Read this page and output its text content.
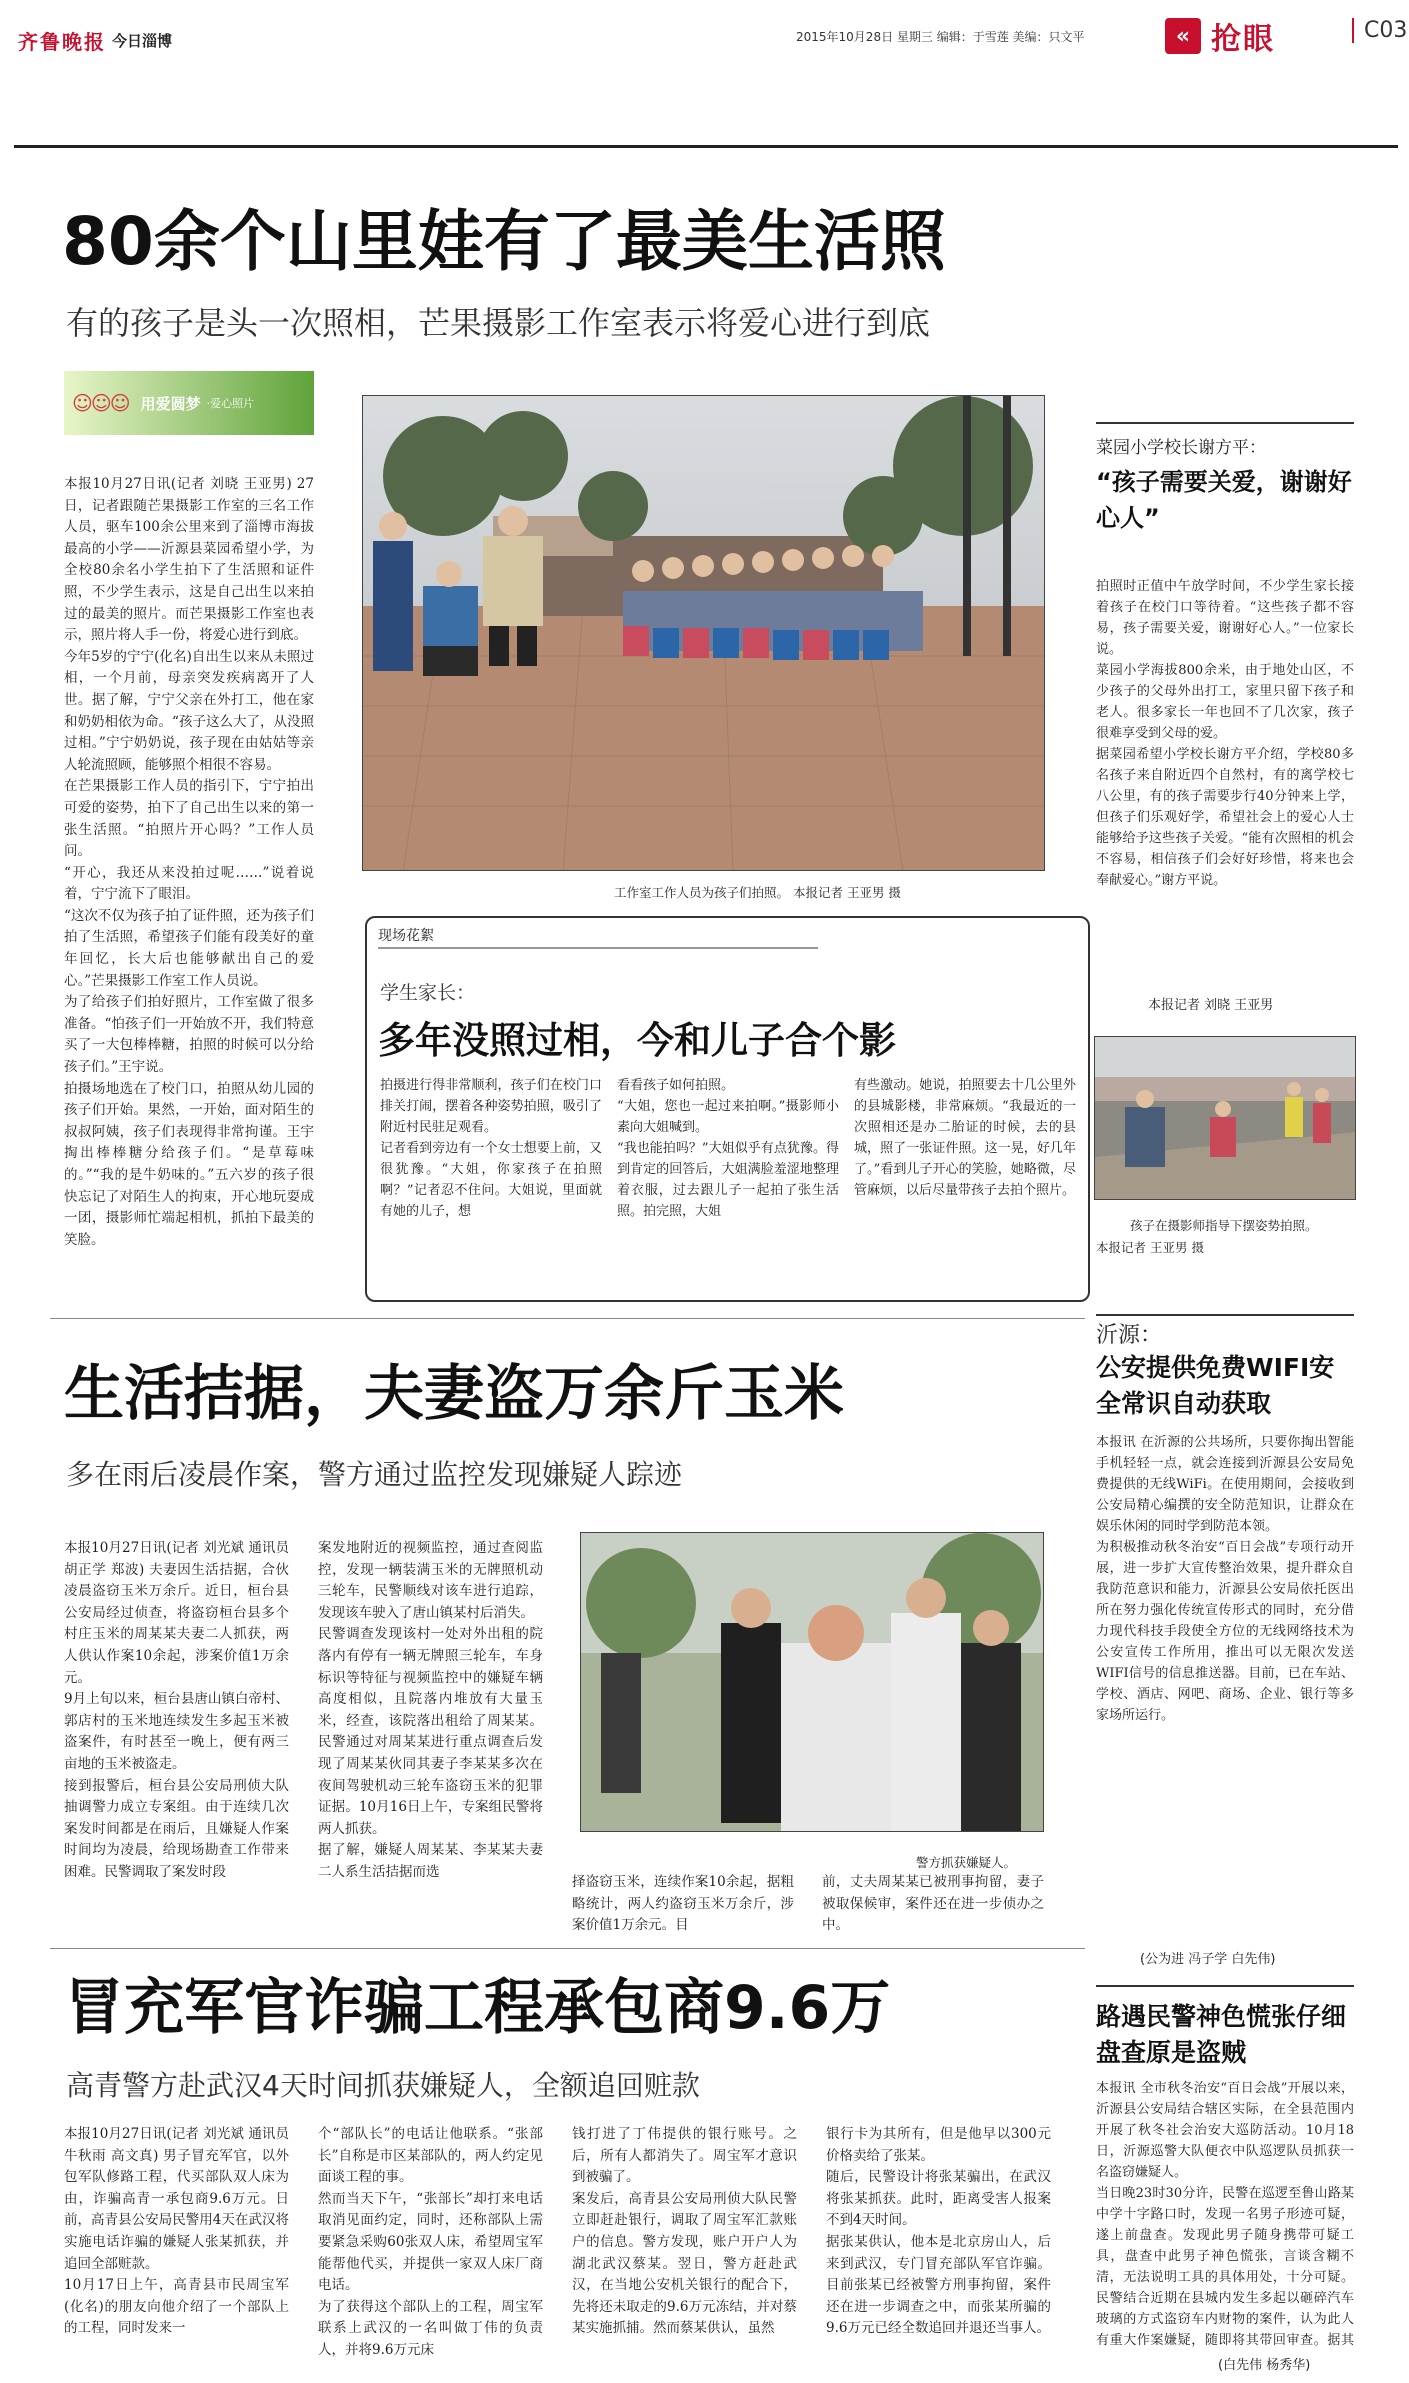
齐鲁晚报 今日淄博	2015年10月28日 星期三 编辑：于雪莲 美编：只文平	« 抢眼	C03
80余个山里娃有了最美生活照
有的孩子是头一次照相，芒果摄影工作室表示将爱心进行到底
☺☺☺ 用爱圆梦 ·爱心照片
本报10月27日讯(记者 刘晓 王亚男) 27日，记者跟随芒果摄影工作室的三名工作人员，驱车100余公里来到了淄博市海拔最高的小学——沂源县菜园希望小学，为全校80余名小学生拍下了生活照和证件照，不少学生表示，这是自己出生以来拍过的最美的照片。而芒果摄影工作室也表示，照片将人手一份，将爱心进行到底。
今年5岁的宁宁(化名)自出生以来从未照过相，一个月前，母亲突发疾病离开了人世。据了解，宁宁父亲在外打工，他在家和奶奶相依为命。“孩子这么大了，从没照过相。”宁宁奶奶说，孩子现在由姑姑等亲人轮流照顾，能够照个相很不容易。
在芒果摄影工作人员的指引下，宁宁拍出可爱的姿势，拍下了自己出生以来的第一张生活照。“拍照片开心吗？”工作人员问。
“开心，我还从来没拍过呢……”说着说着，宁宁流下了眼泪。
“这次不仅为孩子拍了证件照，还为孩子们拍了生活照，希望孩子们能有段美好的童年回忆，长大后也能够献出自己的爱心。”芒果摄影工作室工作人员说。
为了给孩子们拍好照片，工作室做了很多准备。“怕孩子们一开始放不开，我们特意买了一大包棒棒糖，拍照的时候可以分给孩子们。”王宇说。
拍摄场地选在了校门口，拍照从幼儿园的孩子们开始。果然，一开始，面对陌生的叔叔阿姨，孩子们表现得非常拘谨。王宇掏出棒棒糖分给孩子们。“是草莓味的。”“我的是牛奶味的。”五六岁的孩子很快忘记了对陌生人的拘束，开心地玩耍成一团，摄影师忙端起相机，抓拍下最美的笑脸。
工作室工作人员为孩子们拍照。 本报记者 王亚男 摄
现场花絮
学生家长：
多年没照过相，今和儿子合个影
拍摄进行得非常顺利，孩子们在校门口排关打闹，摆着各种姿势拍照，吸引了附近村民驻足观看。
记者看到旁边有一个女士想要上前，又很犹豫。“大姐，你家孩子在拍照啊？”记者忍不住问。大姐说，里面就有她的儿子，想
看看孩子如何拍照。
“大姐，您也一起过来拍啊。”摄影师小素向大姐喊到。
“我也能拍吗？”大姐似乎有点犹豫。得到肯定的回答后，大姐满脸羞涩地整理着衣服，过去跟儿子一起拍了张生活照。拍完照，大姐
有些激动。她说，拍照要去十几公里外的县城影楼，非常麻烦。“我最近的一次照相还是办二胎证的时候，去的县城，照了一张证件照。这一晃，好几年了。”看到儿子开心的笑脸，她略微，尽管麻烦，以后尽量带孩子去拍个照片。
菜园小学校长谢方平：
“孩子需要关爱，谢谢好心人”
拍照时正值中午放学时间，不少学生家长接着孩子在校门口等待着。“这些孩子都不容易，孩子需要关爱，谢谢好心人。”一位家长说。
菜园小学海拔800余米，由于地处山区，不少孩子的父母外出打工，家里只留下孩子和老人。很多家长一年也回不了几次家，孩子很难享受到父母的爱。
据菜园希望小学校长谢方平介绍，学校80多名孩子来自附近四个自然村，有的离学校七八公里，有的孩子需要步行40分钟来上学，但孩子们乐观好学，希望社会上的爱心人士能够给予这些孩子关爱。“能有次照相的机会不容易，相信孩子们会好好珍惜，将来也会奉献爱心。”谢方平说。
本报记者 刘晓 王亚男
孩子在摄影师指导下摆姿势拍照。
本报记者 王亚男 摄
生活拮据，夫妻盗万余斤玉米
多在雨后凌晨作案，警方通过监控发现嫌疑人踪迹
本报10月27日讯(记者 刘光斌 通讯员 胡正学 郑波) 夫妻因生活拮据，合伙凌晨盗窃玉米万余斤。近日，桓台县公安局经过侦查，将盗窃桓台县多个村庄玉米的周某某夫妻二人抓获，两人供认作案10余起，涉案价值1万余元。
9月上旬以来，桓台县唐山镇白帝村、郭店村的玉米地连续发生多起玉米被盗案件，有时甚至一晚上，便有两三亩地的玉米被盗走。
接到报警后，桓台县公安局刑侦大队抽调警力成立专案组。由于连续几次案发时间都是在雨后，且嫌疑人作案时间均为凌晨，给现场勘查工作带来困难。民警调取了案发时段
案发地附近的视频监控，通过查阅监控，发现一辆装满玉米的无牌照机动三轮车，民警顺线对该车进行追踪，发现该车驶入了唐山镇某村后消失。
民警调查发现该村一处对外出租的院落内有停有一辆无牌照三轮车，车身标识等特征与视频监控中的嫌疑车辆高度相似，且院落内堆放有大量玉米，经查，该院落出租给了周某某。民警通过对周某某进行重点调查后发现了周某某伙同其妻子李某某多次在夜间驾驶机动三轮车盗窃玉米的犯罪证据。10月16日上午，专案组民警将两人抓获。
据了解，嫌疑人周某某、李某某夫妻二人系生活拮据而选
警方抓获嫌疑人。
择盗窃玉米，连续作案10余起，据粗略统计，两人约盗窃玉米万余斤，涉案价值1万余元。目
前，丈夫周某某已被刑事拘留，妻子被取保候审，案件还在进一步侦办之中。
沂源：
公安提供免费WIFI安全常识自动获取
本报讯 在沂源的公共场所，只要你掏出智能手机轻轻一点，就会连接到沂源县公安局免费提供的无线WiFi。在使用期间，会接收到公安局精心编撰的安全防范知识，让群众在娱乐休闲的同时学到防范本领。
为积极推动秋冬治安“百日会战”专项行动开展，进一步扩大宣传整治效果，提升群众自我防范意识和能力，沂源县公安局依托医出所在努力强化传统宣传形式的同时，充分借力现代科技手段使全方位的无线网络技术为公安宣传工作所用，推出可以无限次发送WIFI信号的信息推送器。目前，已在车站、学校、酒店、网吧、商场、企业、银行等多家场所运行。
(公为进 冯子学 白先伟)
路遇民警神色慌张仔细盘查原是盗贼
本报讯 全市秋冬治安“百日会战”开展以来，沂源县公安局结合辖区实际，在全县范围内开展了秋冬社会治安大巡防活动。10月18日，沂源巡警大队便衣中队巡逻队员抓获一名盗窃嫌疑人。
当日晚23时30分许，民警在巡逻至鲁山路某中学十字路口时，发现一名男子形迹可疑，遂上前盘查。发现此男子随身携带可疑工具，盘查中此男子神色慌张，言谈含糊不清，无法说明工具的具体用处，十分可疑。民警结合近期在县城内发生多起以砸碎汽车玻璃的方式盗窃车内财物的案件，认为此人有重大作案嫌疑，随即将其带回审查。据其
(白先伟 杨秀华)
冒充军官诈骗工程承包商9.6万
高青警方赴武汉4天时间抓获嫌疑人，全额追回赃款
本报10月27日讯(记者 刘光斌 通讯员 牛秋雨 高文真) 男子冒充军官，以外包军队修路工程，代买部队双人床为由，诈骗高青一承包商9.6万元。日前，高青县公安局民警用4天在武汉将实施电话诈骗的嫌疑人张某抓获，并追回全部赃款。
10月17日上午，高青县市民周宝军(化名)的朋友向他介绍了一个部队上的工程，同时发来一
个“部队长”的电话让他联系。“张部长”自称是市区某部队的，两人约定见面谈工程的事。
然而当天下午，“张部长”却打来电话取消见面约定，同时，还称部队上需要紧急采购60张双人床，希望周宝军能帮他代买，并提供一家双人床厂商电话。
为了获得这个部队上的工程，周宝军联系上武汉的一名叫做丁伟的负责人，并将9.6万元床
钱打进了丁伟提供的银行账号。之后，所有人都消失了。周宝军才意识到被骗了。
案发后，高青县公安局刑侦大队民警立即赶赴银行，调取了周宝军汇款账户的信息。警方发现，账户开户人为湖北武汉蔡某。翌日，警方赶赴武汉，在当地公安机关银行的配合下，先将还未取走的9.6万元冻结，并对蔡某实施抓捕。然而蔡某供认，虽然
银行卡为其所有，但是他早以300元价格卖给了张某。
随后，民警设计将张某骗出，在武汉将张某抓获。此时，距离受害人报案不到4天时间。
据张某供认，他本是北京房山人，后来到武汉，专门冒充部队军官诈骗。目前张某已经被警方刑事拘留，案件还在进一步调查之中，而张某所骗的9.6万元已经全数追回并退还当事人。
